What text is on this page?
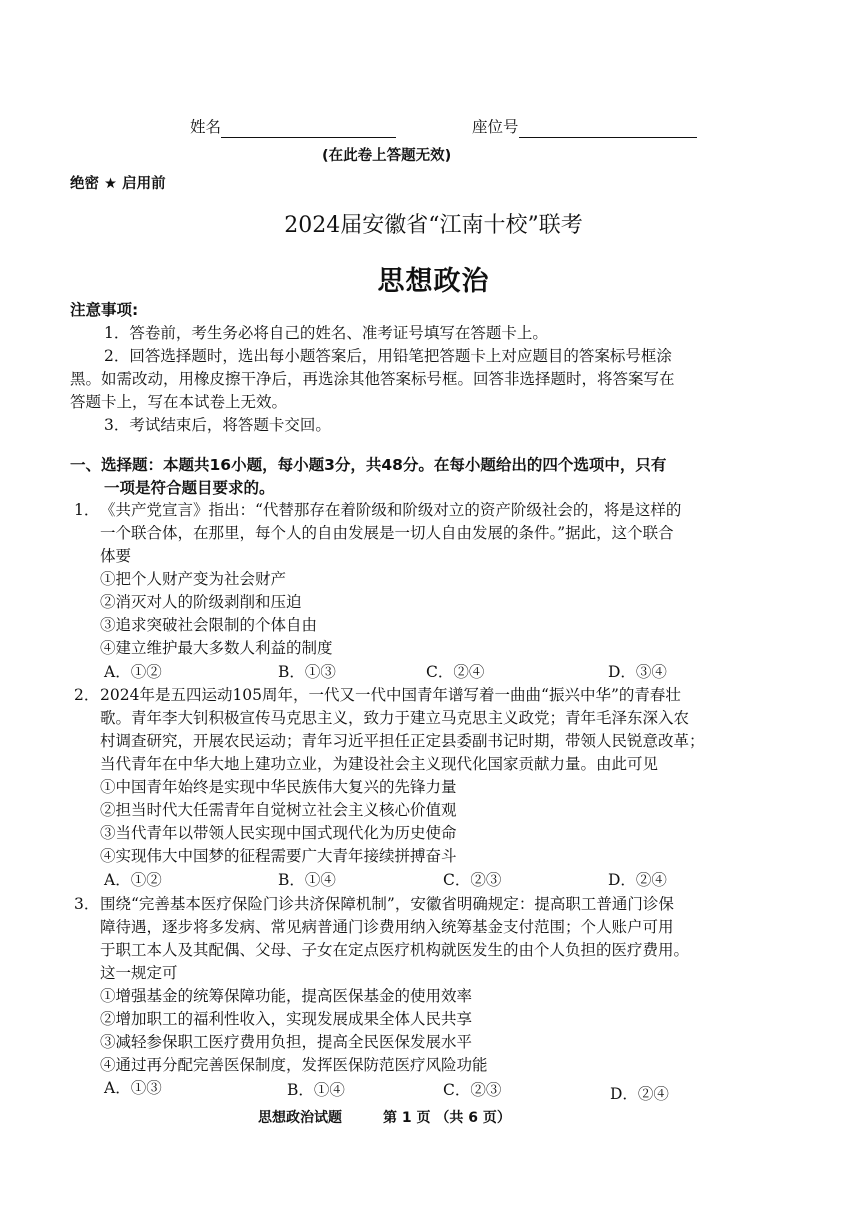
姓名	座位号
(在此卷上答题无效)
绝密 ★ 启用前
2024届安徽省“江南十校”联考
思想政治
注意事项:
1．答卷前，考生务必将自己的姓名、准考证号填写在答题卡上。
2．回答选择题时，选出每小题答案后，用铅笔把答题卡上对应题目的答案标号框涂
黑。如需改动，用橡皮擦干净后，再选涂其他答案标号框。回答非选择题时，将答案写在
答题卡上，写在本试卷上无效。
3．考试结束后，将答题卡交回。
一、选择题：本题共16小题，每小题3分，共48分。在每小题给出的四个选项中，只有
一项是符合题目要求的。
1． 《共产党宣言》指出：“代替那存在着阶级和阶级对立的资产阶级社会的，将是这样的
一个联合体，在那里，每个人的自由发展是一切人自由发展的条件。”据此，这个联合
体要
①把个人财产变为社会财产
②消灭对人的阶级剥削和压迫
③追求突破社会限制的个体自由
④建立维护最大多数人利益的制度
A．①②	B．①③	C．②④	D．③④
2． 2024年是五四运动105周年，一代又一代中国青年谱写着一曲曲“振兴中华”的青春壮
歌。青年李大钊积极宣传马克思主义，致力于建立马克思主义政党；青年毛泽东深入农
村调查研究，开展农民运动；青年习近平担任正定县委副书记时期，带领人民锐意改革；
当代青年在中华大地上建功立业，为建设社会主义现代化国家贡献力量。由此可见
①中国青年始终是实现中华民族伟大复兴的先锋力量
②担当时代大任需青年自觉树立社会主义核心价值观
③当代青年以带领人民实现中国式现代化为历史使命
④实现伟大中国梦的征程需要广大青年接续拼搏奋斗
A．①②	B．①④	C．②③	D．②④
3． 围绕“完善基本医疗保险门诊共济保障机制”，安徽省明确规定：提高职工普通门诊保
障待遇，逐步将多发病、常见病普通门诊费用纳入统筹基金支付范围；个人账户可用
于职工本人及其配偶、父母、子女在定点医疗机构就医发生的由个人负担的医疗费用。
这一规定可
①增强基金的统筹保障功能，提高医保基金的使用效率
②增加职工的福利性收入，实现发展成果全体人民共享
③减轻参保职工医疗费用负担，提高全民医保发展水平
④通过再分配完善医保制度，发挥医保防范医疗风险功能
A．①③	B．①④	C．②③	D．②④
思想政治试题	第 1 页 （共 6 页）
